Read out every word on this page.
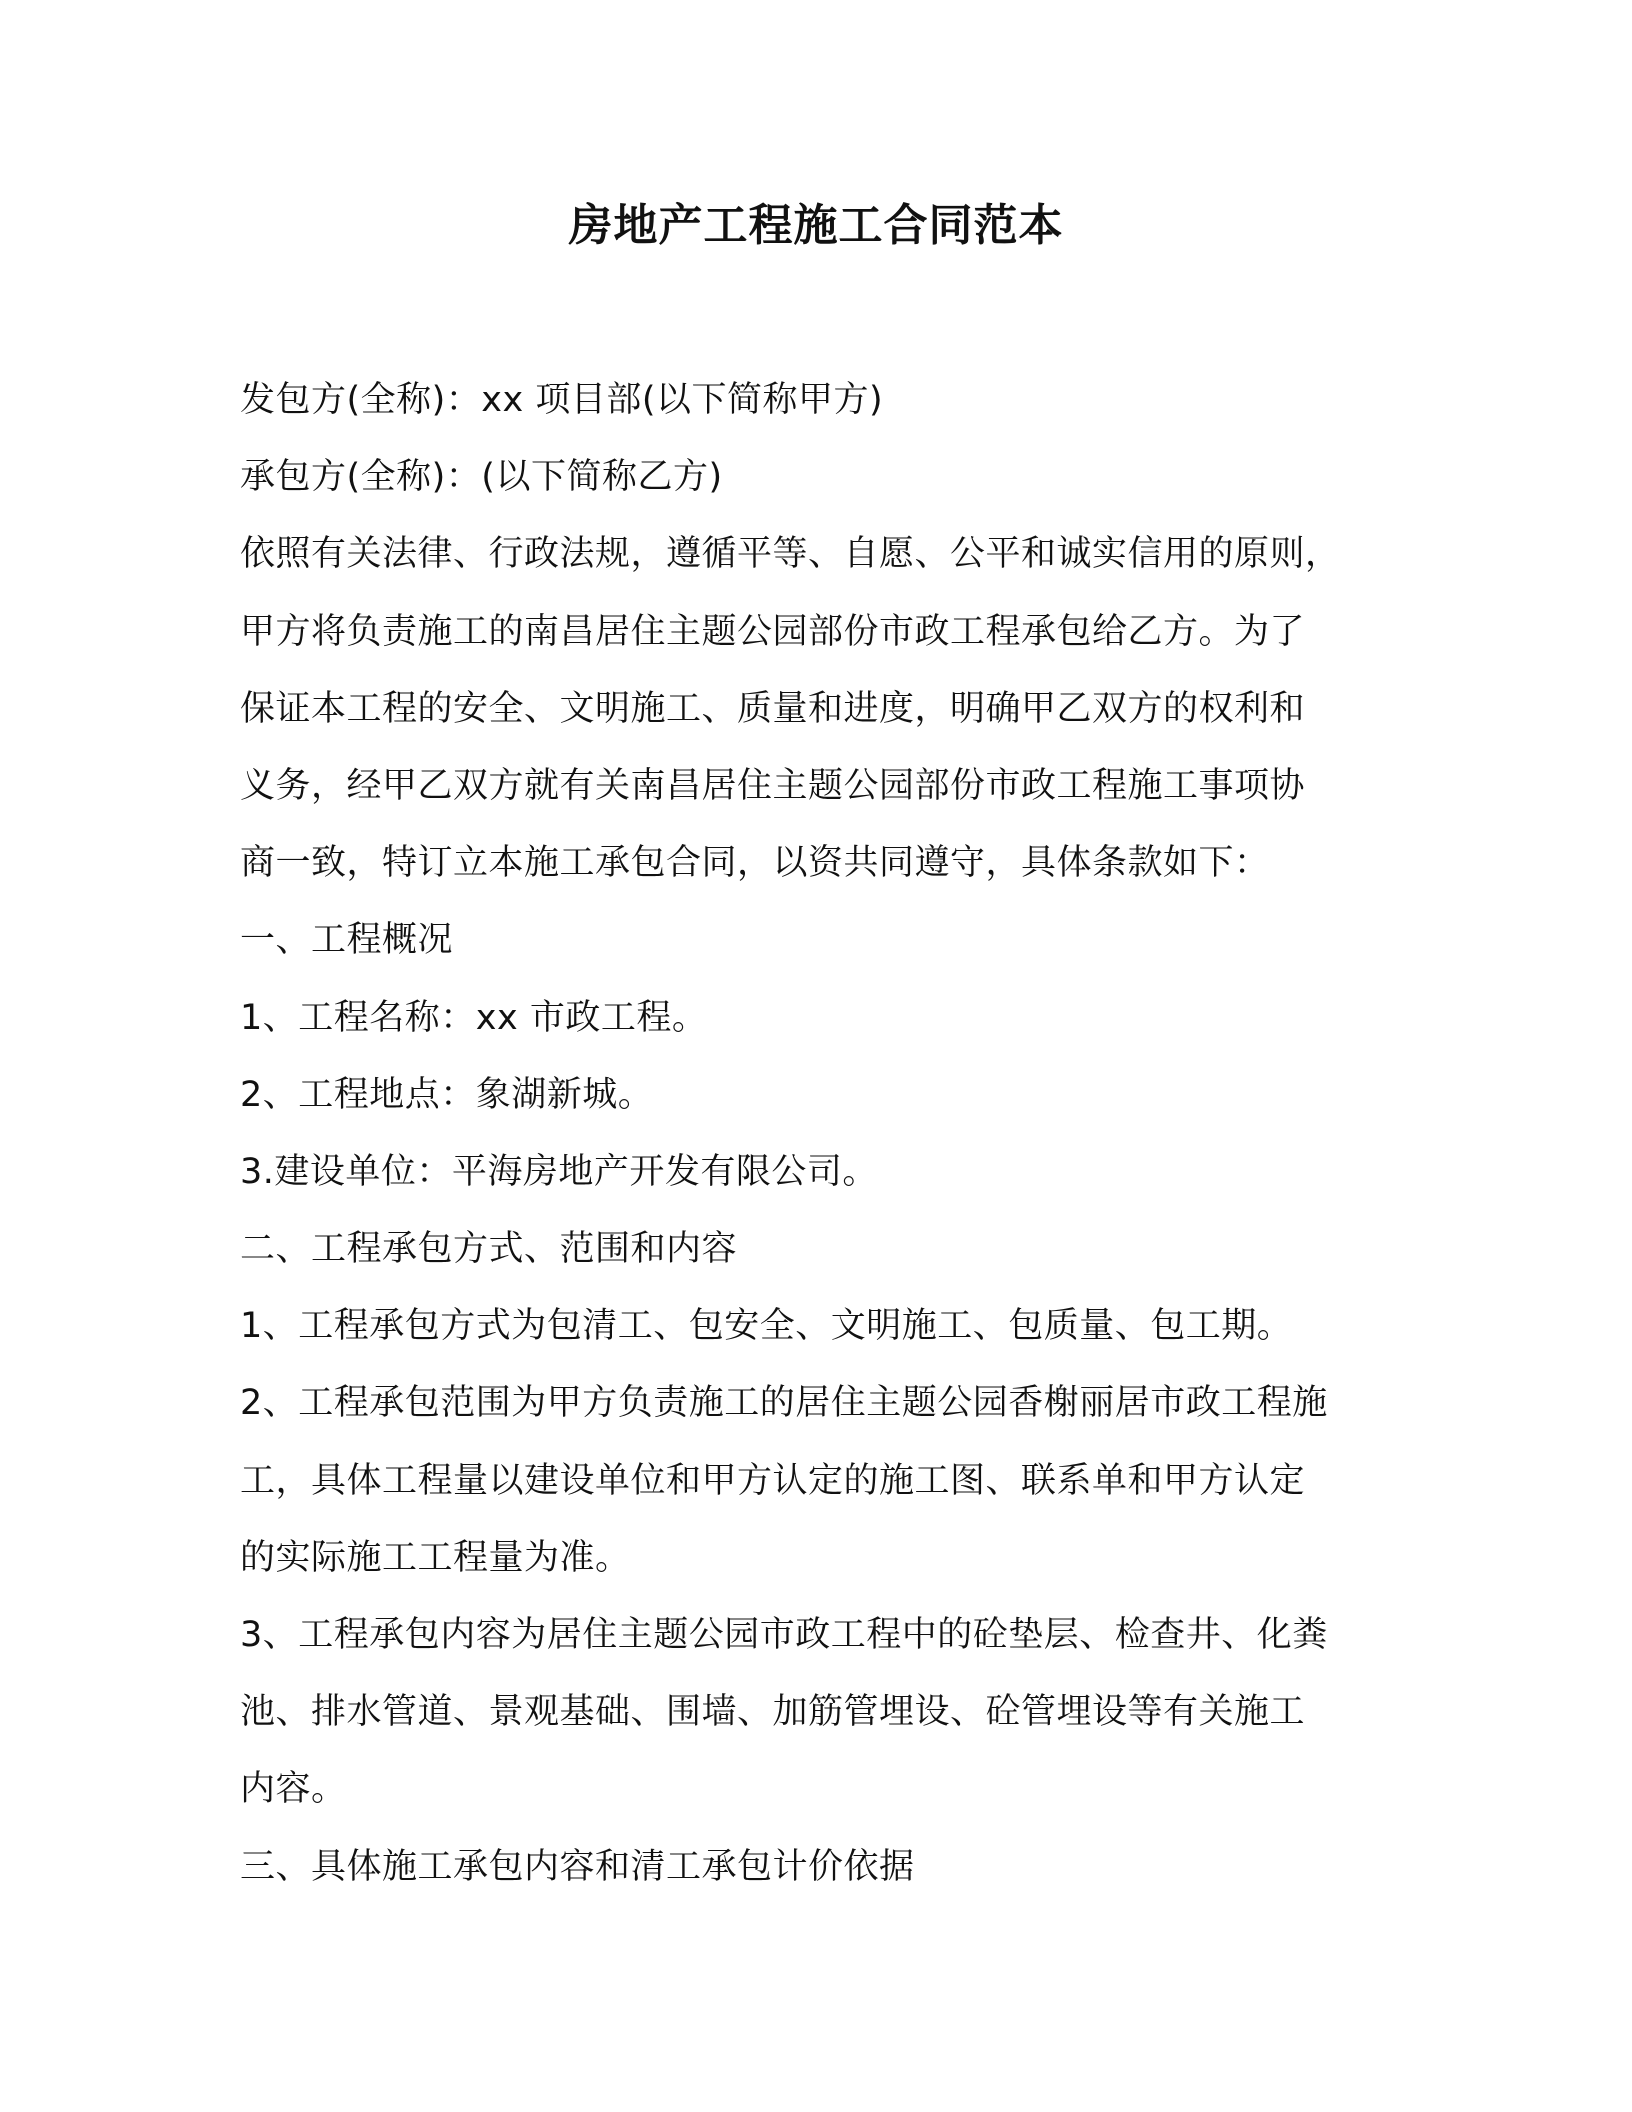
房地产工程施工合同范本
发包方(全称)：xx 项目部(以下简称甲方)
承包方(全称)：(以下简称乙方)
依照有关法律、行政法规，遵循平等、自愿、公平和诚实信用的原则，
甲方将负责施工的南昌居住主题公园部份市政工程承包给乙方。为了
保证本工程的安全、文明施工、质量和进度，明确甲乙双方的权利和
义务，经甲乙双方就有关南昌居住主题公园部份市政工程施工事项协
商一致，特订立本施工承包合同，以资共同遵守，具体条款如下：
一、工程概况
1、工程名称：xx 市政工程。
2、工程地点：象湖新城。
3.建设单位：平海房地产开发有限公司。
二、工程承包方式、范围和内容
1、工程承包方式为包清工、包安全、文明施工、包质量、包工期。
2、工程承包范围为甲方负责施工的居住主题公园香榭丽居市政工程施
工，具体工程量以建设单位和甲方认定的施工图、联系单和甲方认定
的实际施工工程量为准。
3、工程承包内容为居住主题公园市政工程中的砼垫层、检查井、化粪
池、排水管道、景观基础、围墙、加筋管埋设、砼管埋设等有关施工
内容。
三、具体施工承包内容和清工承包计价依据
